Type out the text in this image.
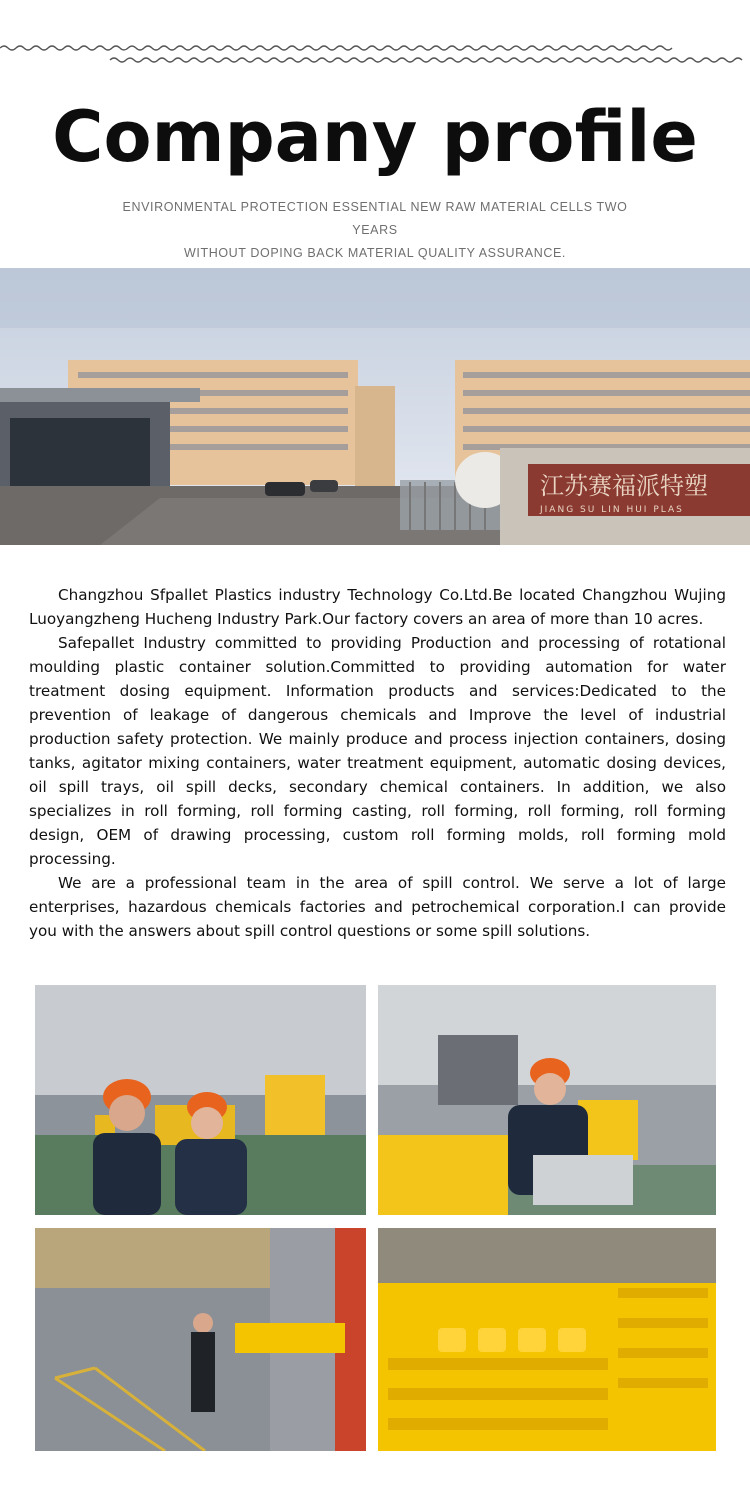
Company profile
ENVIRONMENTAL PROTECTION ESSENTIAL NEW RAW MATERIAL CELLS TWO YEARS
WITHOUT DOPING BACK MATERIAL QUALITY ASSURANCE.
江苏赛福派特塑
JIANG SU LIN HUI PLAS

Changzhou Sfpallet Plastics industry Technology Co.Ltd.Be located Changzhou Wujing Luoyangzheng Hucheng Industry Park.Our factory covers an area of more than 10 acres.

Safepallet Industry committed to providing Production and processing of rotational moulding plastic container solution.Committed to providing automation for water treatment dosing equipment. Information products and services:Dedicated to the prevention of leakage of dangerous chemicals and Improve the level of industrial production safety protection. We mainly produce and process injection containers, dosing tanks, agitator mixing containers, water treatment equipment, automatic dosing devices, oil spill trays, oil spill decks, secondary chemical containers. In addition, we also specializes in roll forming, roll forming casting, roll forming, roll forming, roll forming design, OEM of drawing processing, custom roll forming molds, roll forming mold processing.

We are a professional team in the area of spill control. We serve a lot of large enterprises, hazardous chemicals factories and petrochemical corporation.I can provide you with the answers about spill control questions or some spill solutions.
